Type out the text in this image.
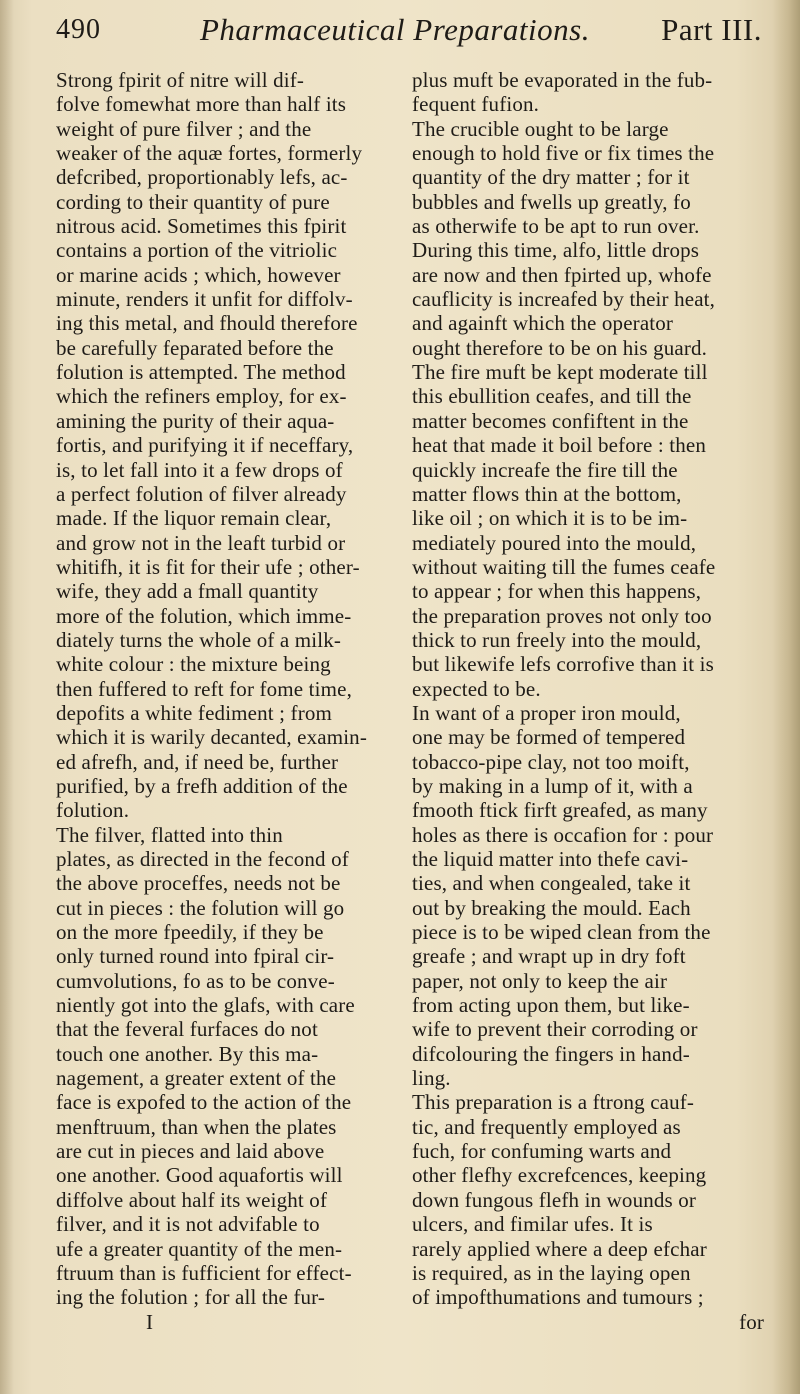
490	Pharmaceutical Preparations. Part III.
Strong fpirit of nitre will dif-
folve fomewhat more than half its
weight of pure filver ; and the
weaker of the aquæ fortes, formerly
defcribed, proportionably lefs, ac-
cording to their quantity of pure
nitrous acid. Sometimes this fpirit
contains a portion of the vitriolic
or marine acids ; which, however
minute, renders it unfit for diffolv-
ing this metal, and fhould therefore
be carefully feparated before the
folution is attempted. The method
which the refiners employ, for ex-
amining the purity of their aqua-
fortis, and purifying it if neceffary,
is, to let fall into it a few drops of
a perfect folution of filver already
made. If the liquor remain clear,
and grow not in the leaft turbid or
whitifh, it is fit for their ufe ; other-
wife, they add a fmall quantity
more of the folution, which imme-
diately turns the whole of a milk-
white colour : the mixture being
then fuffered to reft for fome time,
depofits a white fediment ; from
which it is warily decanted, examin-
ed afrefh, and, if need be, further
purified, by a frefh addition of the
folution.
The filver, flatted into thin
plates, as directed in the fecond of
the above proceffes, needs not be
cut in pieces : the folution will go
on the more fpeedily, if they be
only turned round into fpiral cir-
cumvolutions, fo as to be conve-
niently got into the glafs, with care
that the feveral furfaces do not
touch one another. By this ma-
nagement, a greater extent of the
face is expofed to the action of the
menftruum, than when the plates
are cut in pieces and laid above
one another. Good aquafortis will
diffolve about half its weight of
filver, and it is not advifable to
ufe a greater quantity of the men-
ftruum than is fufficient for effect-
ing the folution ; for all the fur-
I
plus muft be evaporated in the fub-
fequent fufion.
The crucible ought to be large
enough to hold five or fix times the
quantity of the dry matter ; for it
bubbles and fwells up greatly, fo
as otherwife to be apt to run over.
During this time, alfo, little drops
are now and then fpirted up, whofe
cauflicity is increafed by their heat,
and againft which the operator
ought therefore to be on his guard.
The fire muft be kept moderate till
this ebullition ceafes, and till the
matter becomes confiftent in the
heat that made it boil before : then
quickly increafe the fire till the
matter flows thin at the bottom,
like oil ; on which it is to be im-
mediately poured into the mould,
without waiting till the fumes ceafe
to appear ; for when this happens,
the preparation proves not only too
thick to run freely into the mould,
but likewife lefs corrofive than it is
expected to be.
In want of a proper iron mould,
one may be formed of tempered
tobacco-pipe clay, not too moift,
by making in a lump of it, with a
fmooth ftick firft greafed, as many
holes as there is occafion for : pour
the liquid matter into thefe cavi-
ties, and when congealed, take it
out by breaking the mould. Each
piece is to be wiped clean from the
greafe ; and wrapt up in dry foft
paper, not only to keep the air
from acting upon them, but like-
wife to prevent their corroding or
difcolouring the fingers in hand-
ling.
This preparation is a ftrong cauf-
tic, and frequently employed as
fuch, for confuming warts and
other flefhy excrefcences, keeping
down fungous flefh in wounds or
ulcers, and fimilar ufes. It is
rarely applied where a deep efchar
is required, as in the laying open
of impofthumations and tumours ;
for
